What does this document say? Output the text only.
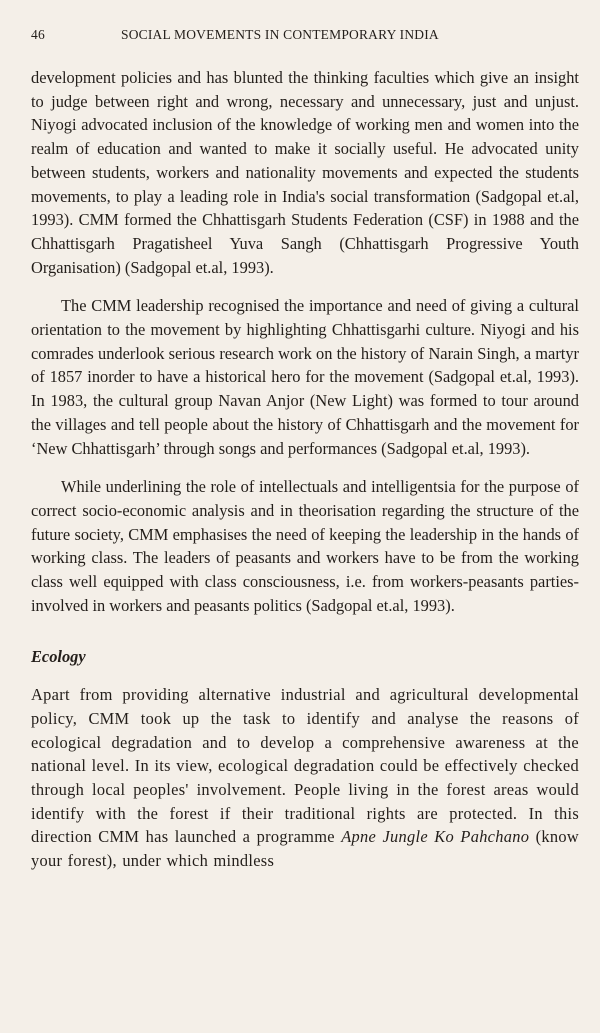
46	SOCIAL MOVEMENTS IN CONTEMPORARY INDIA

development policies and has blunted the thinking faculties which give an insight to judge between right and wrong, necessary and unnecessary, just and unjust. Niyogi advocated inclusion of the knowledge of working men and women into the realm of education and wanted to make it socially useful. He advocated unity between students, workers and nationality movements and expected the students movements, to play a leading role in India's social transformation (Sadgopal et.al, 1993). CMM formed the Chhattisgarh Students Federation (CSF) in 1988 and the Chhattisgarh Pragatisheel Yuva Sangh (Chhattisgarh Progressive Youth Organisation) (Sadgopal et.al, 1993).

The CMM leadership recognised the importance and need of giving a cultural orientation to the movement by highlighting Chhattisgarhi culture. Niyogi and his comrades underlook serious research work on the history of Narain Singh, a martyr of 1857 inorder to have a historical hero for the movement (Sadgopal et.al, 1993). In 1983, the cultural group Navan Anjor (New Light) was formed to tour around the villages and tell people about the history of Chhattisgarh and the movement for ‘New Chhattisgarh’ through songs and performances (Sadgopal et.al, 1993).

While underlining the role of intellectuals and intelligentsia for the purpose of correct socio-economic analysis and in theorisation regarding the structure of the future society, CMM emphasises the need of keeping the leadership in the hands of working class. The leaders of peasants and workers have to be from the working class well equipped with class consciousness, i.e. from workers-peasants parties-involved in workers and peasants politics (Sadgopal et.al, 1993).

Ecology

Apart from providing alternative industrial and agricultural developmental policy, CMM took up the task to identify and analyse the reasons of ecological degradation and to develop a comprehensive awareness at the national level. In its view, ecological degradation could be effectively checked through local peoples' involvement. People living in the forest areas would identify with the forest if their traditional rights are protected. In this direction CMM has launched a programme Apne Jungle Ko Pahchano (know your forest), under which mindless
